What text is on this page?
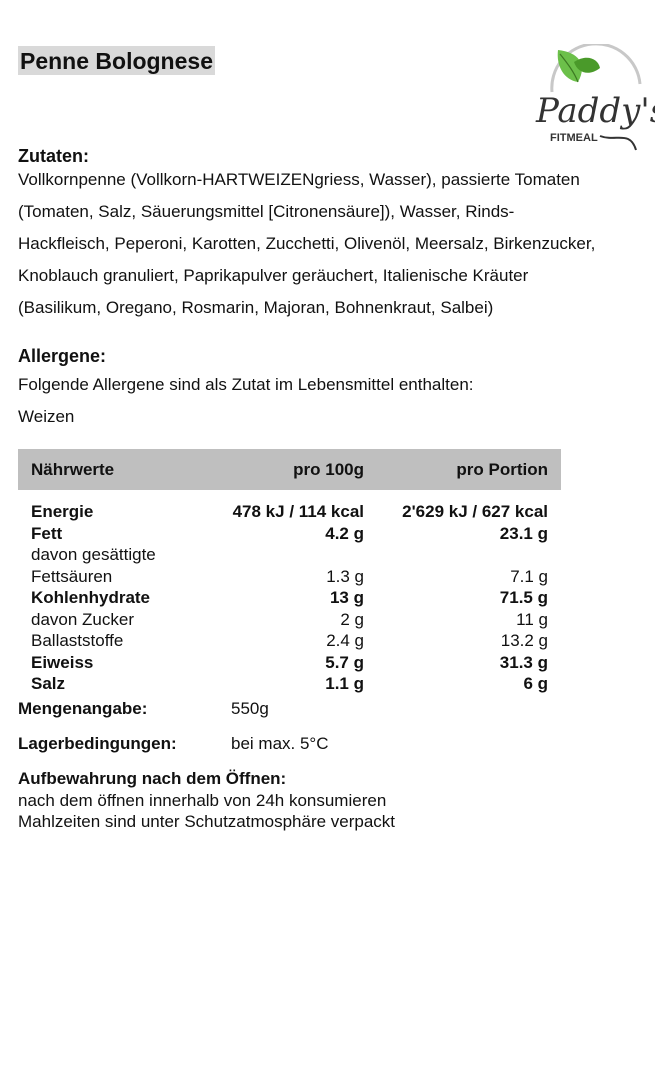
Penne Bolognese
Paddy's
FITMEAL
Zutaten:
Vollkornpenne (Vollkorn-HARTWEIZENgriess, Wasser), passierte Tomaten
(Tomaten, Salz, Säuerungsmittel [Citronensäure]), Wasser, Rinds-
Hackfleisch, Peperoni, Karotten, Zucchetti, Olivenöl, Meersalz, Birkenzucker,
Knoblauch granuliert, Paprikapulver geräuchert, Italienische Kräuter
(Basilikum, Oregano, Rosmarin, Majoran, Bohnenkraut, Salbei)
Allergene:
Folgende Allergene sind als Zutat im Lebensmittel enthalten:
Weizen
Nährwerte	pro 100g	pro Portion

Energie	478 kJ / 114 kcal	2'629 kJ / 627 kcal
Fett	4.2 g	23.1 g
davon gesättigte		
Fettsäuren	1.3 g	7.1 g
Kohlenhydrate	13 g	71.5 g
davon Zucker	2 g	11 g
Ballaststoffe	2.4 g	13.2 g
Eiweiss	5.7 g	31.3 g
Salz	1.1 g	6 g
Mengenangabe:	550g
Lagerbedingungen:	bei max. 5°C
Aufbewahrung nach dem Öffnen:
nach dem öffnen innerhalb von 24h konsumieren
Mahlzeiten sind unter Schutzatmosphäre verpackt
